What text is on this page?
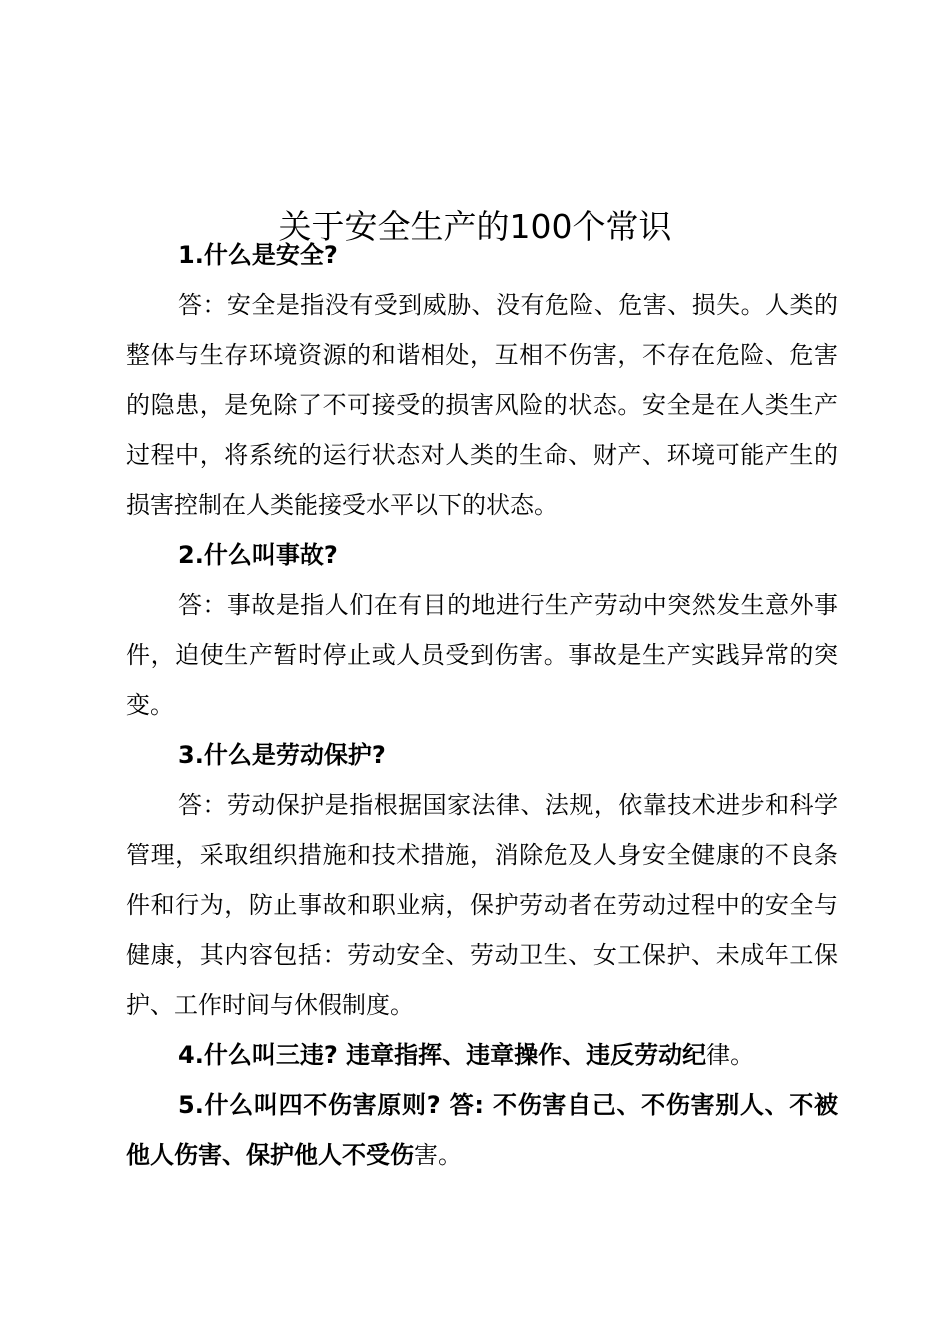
关于安全生产的100个常识

1.什么是安全?

答：安全是指没有受到威胁、没有危险、危害、损失。人类的整体与生存环境资源的和谐相处，互相不伤害，不存在危险、危害的隐患，是免除了不可接受的损害风险的状态。安全是在人类生产过程中，将系统的运行状态对人类的生命、财产、环境可能产生的损害控制在人类能接受水平以下的状态。

2.什么叫事故?

答：事故是指人们在有目的地进行生产劳动中突然发生意外事件，迫使生产暂时停止或人员受到伤害。事故是生产实践异常的突变。

3.什么是劳动保护?

答：劳动保护是指根据国家法律、法规，依靠技术进步和科学管理，采取组织措施和技术措施，消除危及人身安全健康的不良条件和行为，防止事故和职业病，保护劳动者在劳动过程中的安全与健康，其内容包括：劳动安全、劳动卫生、女工保护、未成年工保护、工作时间与休假制度。

4.什么叫三违? 违章指挥、违章操作、违反劳动纪律。

5.什么叫四不伤害原则? 答: 不伤害自己、不伤害别人、不被他人伤害、保护他人不受伤害。
